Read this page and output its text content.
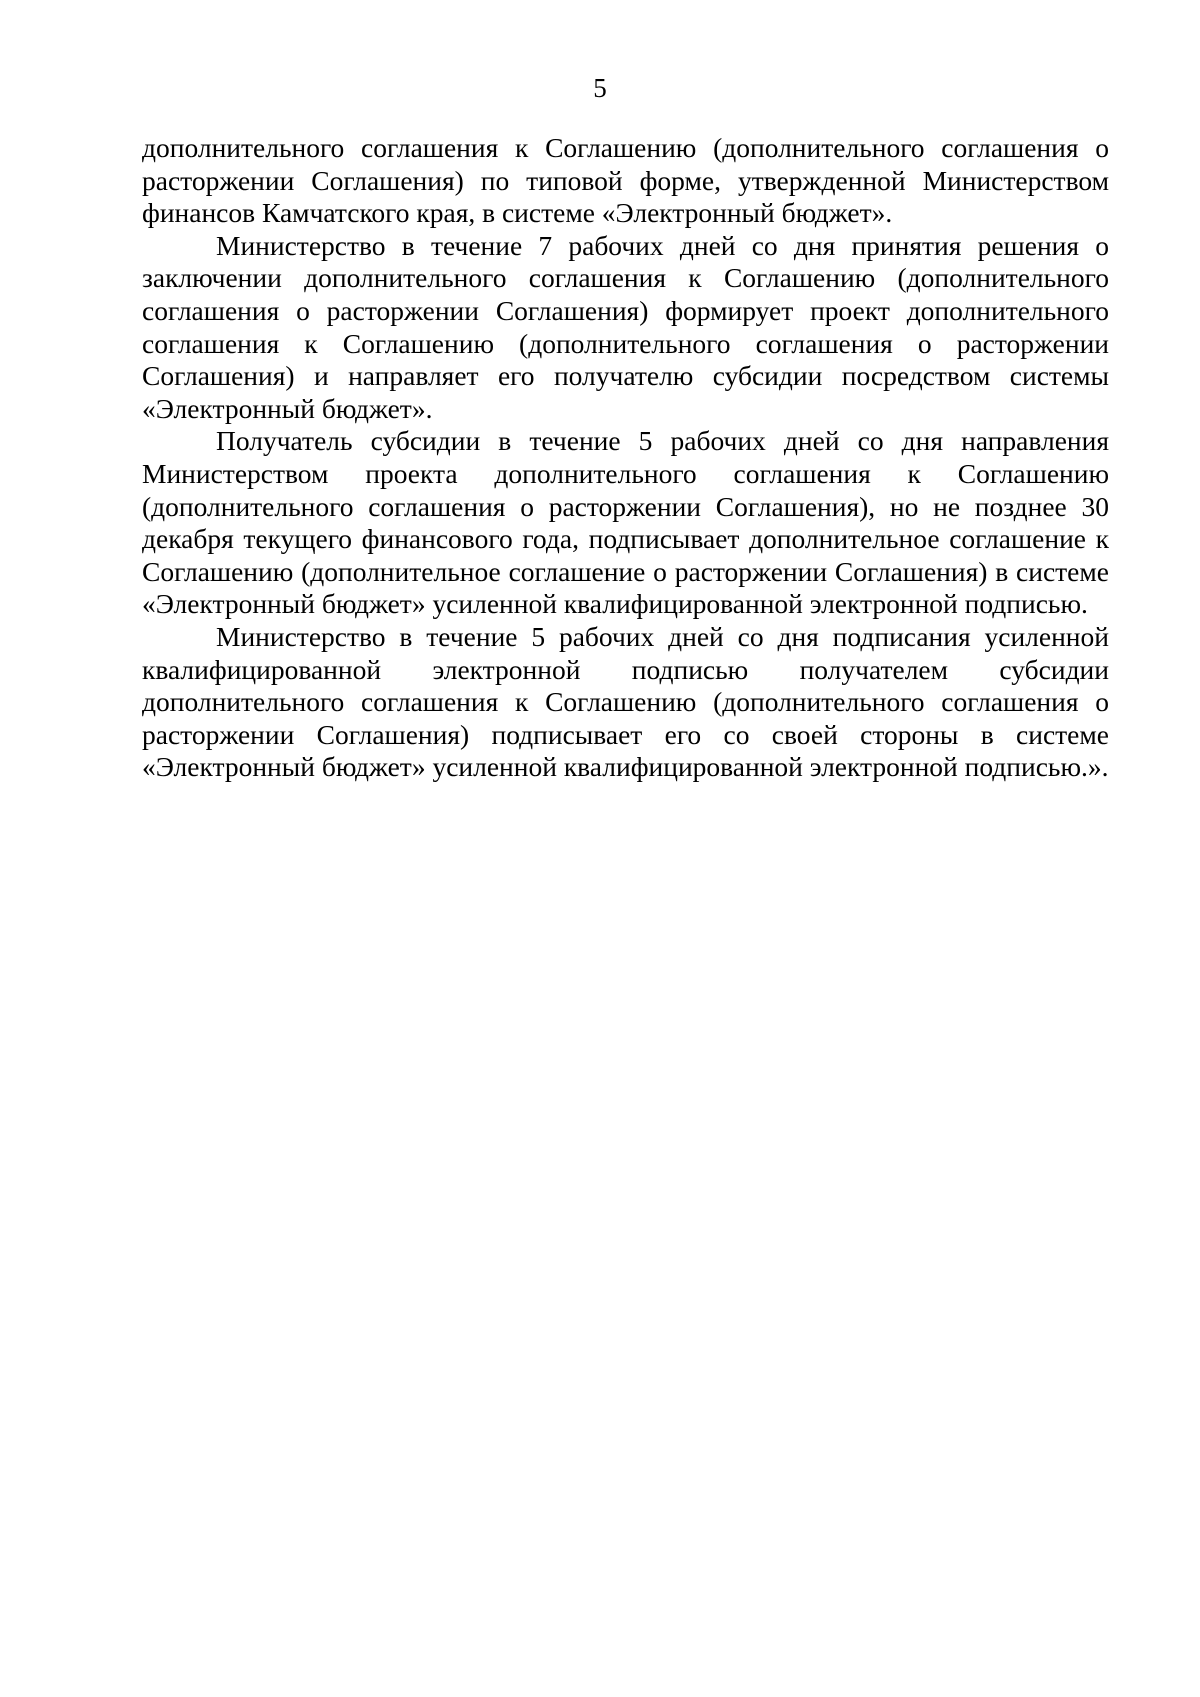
5

дополнительного соглашения к Соглашению (дополнительного соглашения о расторжении Соглашения) по типовой форме, утвержденной Министерством финансов Камчатского края, в системе «Электронный бюджет».

Министерство в течение 7 рабочих дней со дня принятия решения о заключении дополнительного соглашения к Соглашению (дополнительного соглашения о расторжении Соглашения) формирует проект дополнительного соглашения к Соглашению (дополнительного соглашения о расторжении Соглашения) и направляет его получателю субсидии посредством системы «Электронный бюджет».

Получатель субсидии в течение 5 рабочих дней со дня направления Министерством проекта дополнительного соглашения к Соглашению (дополнительного соглашения о расторжении Соглашения), но не позднее 30 декабря текущего финансового года, подписывает дополнительное соглашение к Соглашению (дополнительное соглашение о расторжении Соглашения) в системе «Электронный бюджет» усиленной квалифицированной электронной подписью.

Министерство в течение 5 рабочих дней со дня подписания усиленной квалифицированной электронной подписью получателем субсидии дополнительного соглашения к Соглашению (дополнительного соглашения о расторжении Соглашения) подписывает его со своей стороны в системе «Электронный бюджет» усиленной квалифицированной электронной подписью.».
